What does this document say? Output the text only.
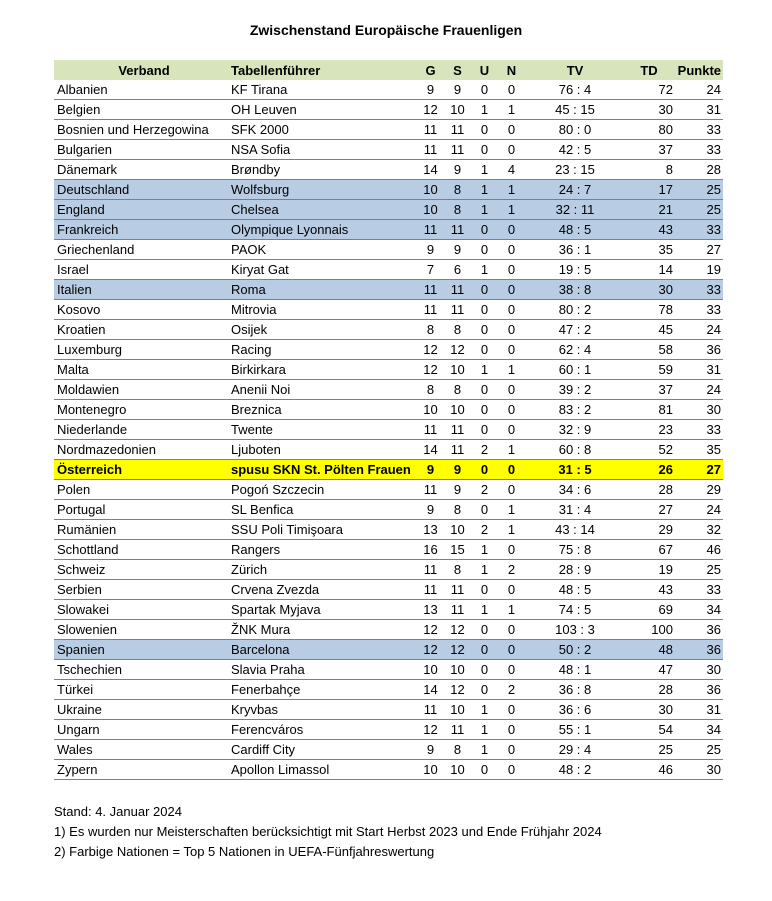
Zwischenstand Europäische Frauenligen
Verband	Tabellenführer	G	S	U	N	TV	TD	Punkte
Albanien	KF Tirana	9	9	0	0	76 : 4	72	24
Belgien	OH Leuven	12	10	1	1	45 : 15	30	31
Bosnien und Herzegowina	SFK 2000	11	11	0	0	80 : 0	80	33
Bulgarien	NSA Sofia	11	11	0	0	42 : 5	37	33
Dänemark	Brøndby	14	9	1	4	23 : 15	8	28
Deutschland	Wolfsburg	10	8	1	1	24 : 7	17	25
England	Chelsea	10	8	1	1	32 : 11	21	25
Frankreich	Olympique Lyonnais	11	11	0	0	48 : 5	43	33
Griechenland	PAOK	9	9	0	0	36 : 1	35	27
Israel	Kiryat Gat	7	6	1	0	19 : 5	14	19
Italien	Roma	11	11	0	0	38 : 8	30	33
Kosovo	Mitrovia	11	11	0	0	80 : 2	78	33
Kroatien	Osijek	8	8	0	0	47 : 2	45	24
Luxemburg	Racing	12	12	0	0	62 : 4	58	36
Malta	Birkirkara	12	10	1	1	60 : 1	59	31
Moldawien	Anenii Noi	8	8	0	0	39 : 2	37	24
Montenegro	Breznica	10	10	0	0	83 : 2	81	30
Niederlande	Twente	11	11	0	0	32 : 9	23	33
Nordmazedonien	Ljuboten	14	11	2	1	60 : 8	52	35
Österreich	spusu SKN St. Pölten Frauen	9	9	0	0	31 : 5	26	27
Polen	Pogoń Szczecin	11	9	2	0	34 : 6	28	29
Portugal	SL Benfica	9	8	0	1	31 : 4	27	24
Rumänien	SSU Poli Timişoara	13	10	2	1	43 : 14	29	32
Schottland	Rangers	16	15	1	0	75 : 8	67	46
Schweiz	Zürich	11	8	1	2	28 : 9	19	25
Serbien	Crvena Zvezda	11	11	0	0	48 : 5	43	33
Slowakei	Spartak Myjava	13	11	1	1	74 : 5	69	34
Slowenien	ŽNK Mura	12	12	0	0	103 : 3	100	36
Spanien	Barcelona	12	12	0	0	50 : 2	48	36
Tschechien	Slavia Praha	10	10	0	0	48 : 1	47	30
Türkei	Fenerbahçe	14	12	0	2	36 : 8	28	36
Ukraine	Kryvbas	11	10	1	0	36 : 6	30	31
Ungarn	Ferencváros	12	11	1	0	55 : 1	54	34
Wales	Cardiff City	9	8	1	0	29 : 4	25	25
Zypern	Apollon Limassol	10	10	0	0	48 : 2	46	30
Stand: 4. Januar 2024
1) Es wurden nur Meisterschaften berücksichtigt mit Start Herbst 2023 und Ende Frühjahr 2024
2) Farbige Nationen = Top 5 Nationen in UEFA-Fünfjahreswertung
